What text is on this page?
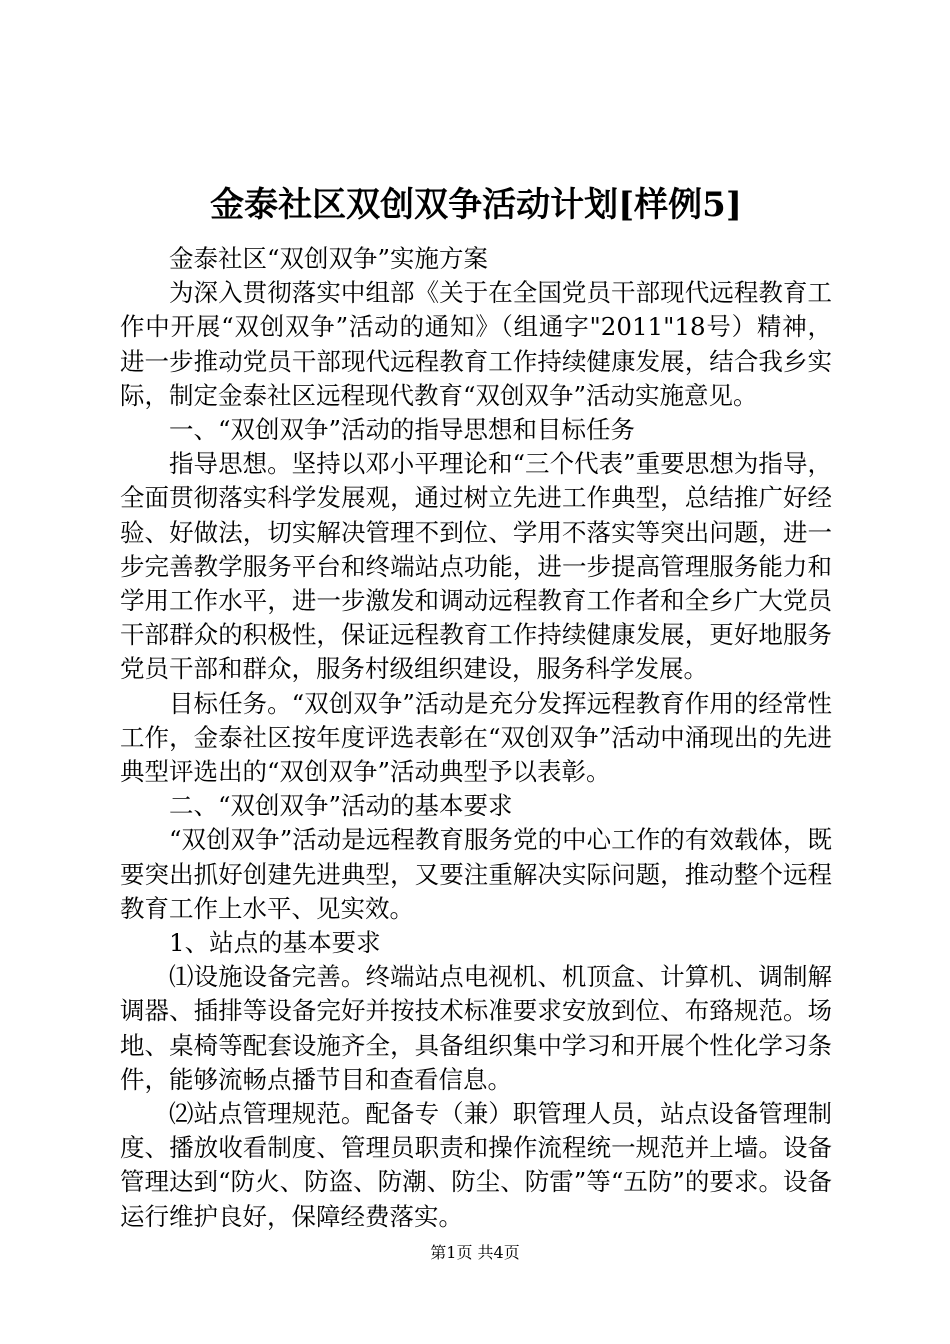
金泰社区双创双争活动计划[样例5]

金泰社区“双创双争”实施方案

为深入贯彻落实中组部《关于在全国党员干部现代远程教育工作中开展“双创双争”活动的通知》（组通字"2011"18号）精神，进一步推动党员干部现代远程教育工作持续健康发展，结合我乡实际，制定金泰社区远程现代教育“双创双争”活动实施意见。

一、“双创双争”活动的指导思想和目标任务

指导思想。坚持以邓小平理论和“三个代表”重要思想为指导，全面贯彻落实科学发展观，通过树立先进工作典型，总结推广好经验、好做法，切实解决管理不到位、学用不落实等突出问题，进一步完善教学服务平台和终端站点功能，进一步提高管理服务能力和学用工作水平，进一步激发和调动远程教育工作者和全乡广大党员干部群众的积极性，保证远程教育工作持续健康发展，更好地服务党员干部和群众，服务村级组织建设，服务科学发展。

目标任务。“双创双争”活动是充分发挥远程教育作用的经常性工作，金泰社区按年度评选表彰在“双创双争”活动中涌现出的先进典型评选出的“双创双争”活动典型予以表彰。

二、“双创双争”活动的基本要求

“双创双争”活动是远程教育服务党的中心工作的有效载体，既要突出抓好创建先进典型，又要注重解决实际问题，推动整个远程教育工作上水平、见实效。

1、站点的基本要求

⑴设施设备完善。终端站点电视机、机顶盒、计算机、调制解调器、插排等设备完好并按技术标准要求安放到位、布臵规范。场地、桌椅等配套设施齐全，具备组织集中学习和开展个性化学习条件，能够流畅点播节目和查看信息。

⑵站点管理规范。配备专（兼）职管理人员，站点设备管理制度、播放收看制度、管理员职责和操作流程统一规范并上墙。设备管理达到“防火、防盗、防潮、防尘、防雷”等“五防”的要求。设备运行维护良好，保障经费落实。

第1页 共4页
